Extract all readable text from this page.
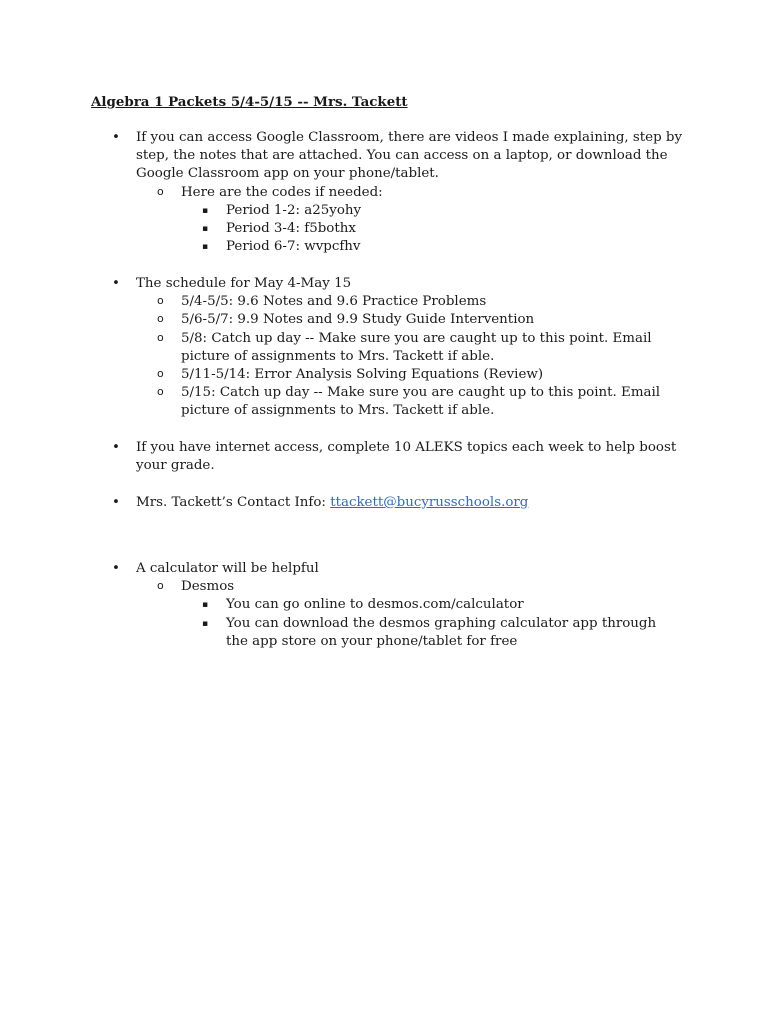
Algebra 1 Packets 5/4-5/15 -- Mrs. Tackett
• If you can access Google Classroom, there are videos I made explaining, step by step, the notes that are attached. You can access on a laptop, or download the Google Classroom app on your phone/tablet.
o Here are the codes if needed:
▪ Period 1-2: a25yohy
▪ Period 3-4: f5bothx
▪ Period 6-7: wvpcfhv
• The schedule for May 4-May 15
o 5/4-5/5: 9.6 Notes and 9.6 Practice Problems
o 5/6-5/7: 9.9 Notes and 9.9 Study Guide Intervention
o 5/8: Catch up day -- Make sure you are caught up to this point. Email picture of assignments to Mrs. Tackett if able.
o 5/11-5/14: Error Analysis Solving Equations (Review)
o 5/15: Catch up day -- Make sure you are caught up to this point. Email picture of assignments to Mrs. Tackett if able.
• If you have internet access, complete 10 ALEKS topics each week to help boost your grade.
• Mrs. Tackett’s Contact Info: ttackett@bucyrusschools.org
• A calculator will be helpful
o Desmos
▪ You can go online to desmos.com/calculator
▪ You can download the desmos graphing calculator app through the app store on your phone/tablet for free
